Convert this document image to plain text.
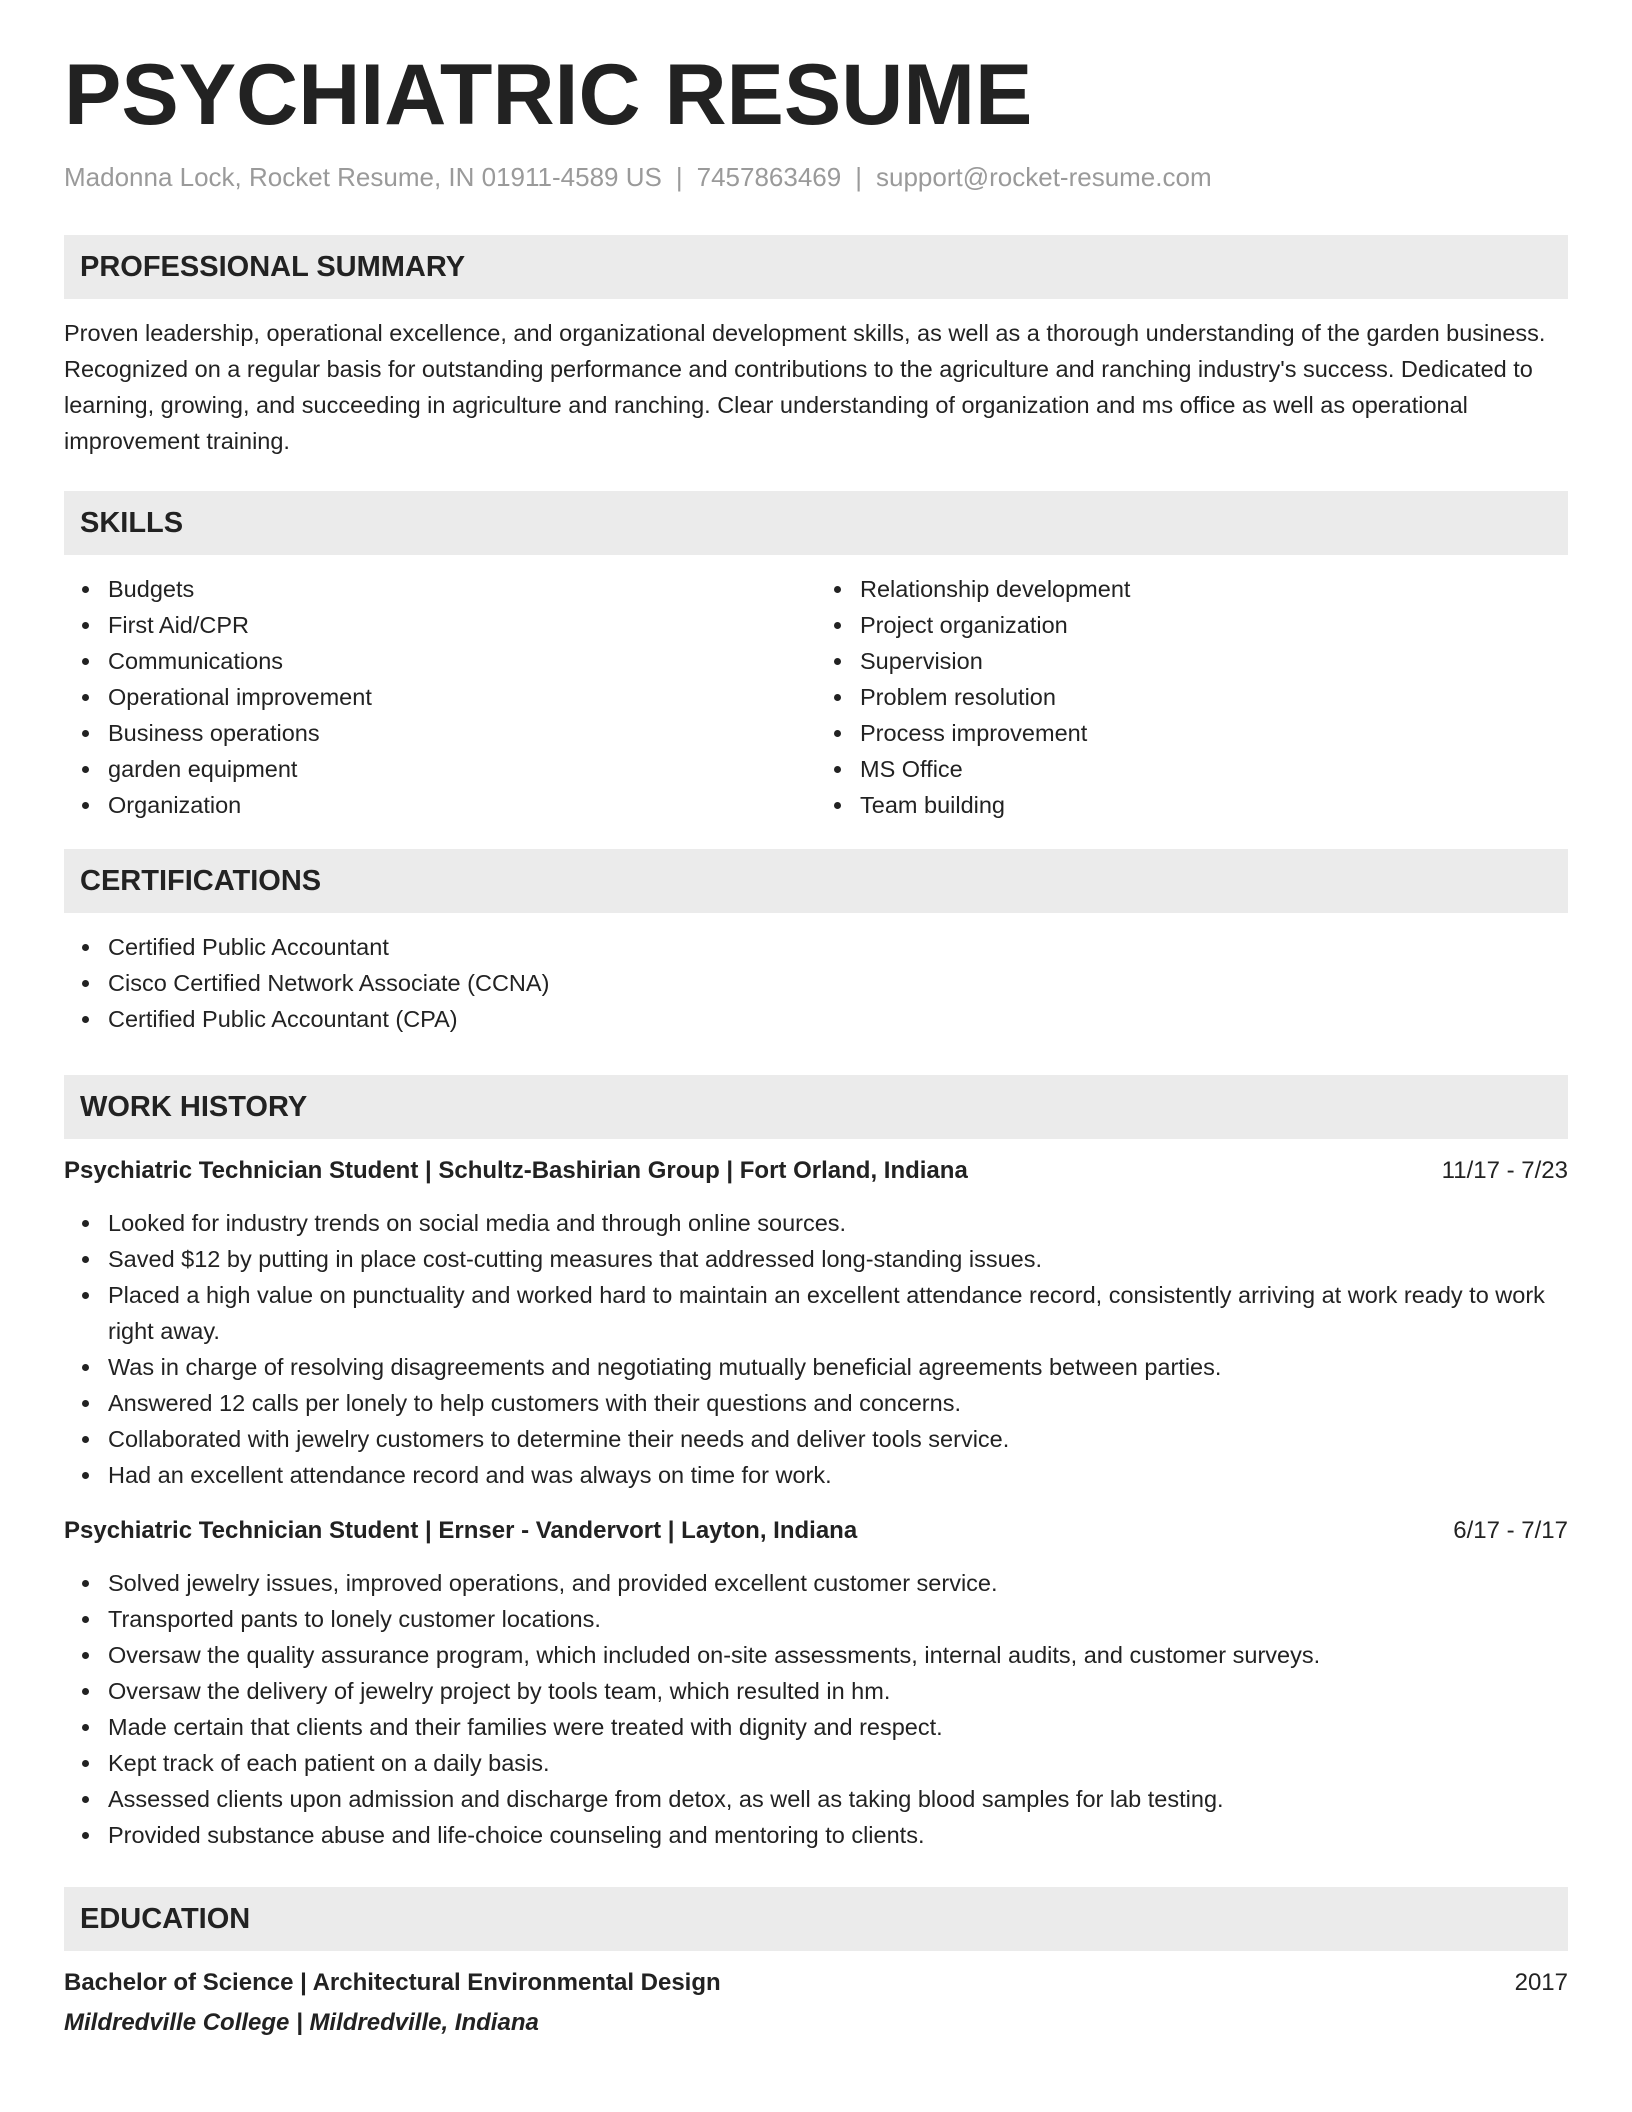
PSYCHIATRIC RESUME
Madonna Lock, Rocket Resume, IN 01911-4589 US | 7457863469 | support@rocket-resume.com
PROFESSIONAL SUMMARY

Proven leadership, operational excellence, and organizational development skills, as well as a thorough understanding of the garden business. Recognized on a regular basis for outstanding performance and contributions to the agriculture and ranching industry's success. Dedicated to learning, growing, and succeeding in agriculture and ranching. Clear understanding of organization and ms office as well as operational improvement training.

SKILLS
Budgets
First Aid/CPR
Communications
Operational improvement
Business operations
garden equipment
Organization
Relationship development
Project organization
Supervision
Problem resolution
Process improvement
MS Office
Team building
CERTIFICATIONS
Certified Public Accountant
Cisco Certified Network Associate (CCNA)
Certified Public Accountant (CPA)
WORK HISTORY
Psychiatric Technician Student | Schultz-Bashirian Group | Fort Orland, Indiana	11/17 - 7/23
Looked for industry trends on social media and through online sources.
Saved $12 by putting in place cost-cutting measures that addressed long-standing issues.
Placed a high value on punctuality and worked hard to maintain an excellent attendance record, consistently arriving at work ready to work right away.
Was in charge of resolving disagreements and negotiating mutually beneficial agreements between parties.
Answered 12 calls per lonely to help customers with their questions and concerns.
Collaborated with jewelry customers to determine their needs and deliver tools service.
Had an excellent attendance record and was always on time for work.
Psychiatric Technician Student | Ernser - Vandervort | Layton, Indiana	6/17 - 7/17
Solved jewelry issues, improved operations, and provided excellent customer service.
Transported pants to lonely customer locations.
Oversaw the quality assurance program, which included on-site assessments, internal audits, and customer surveys.
Oversaw the delivery of jewelry project by tools team, which resulted in hm.
Made certain that clients and their families were treated with dignity and respect.
Kept track of each patient on a daily basis.
Assessed clients upon admission and discharge from detox, as well as taking blood samples for lab testing.
Provided substance abuse and life-choice counseling and mentoring to clients.
EDUCATION
Bachelor of Science | Architectural Environmental Design	2017
Mildredville College | Mildredville, Indiana
